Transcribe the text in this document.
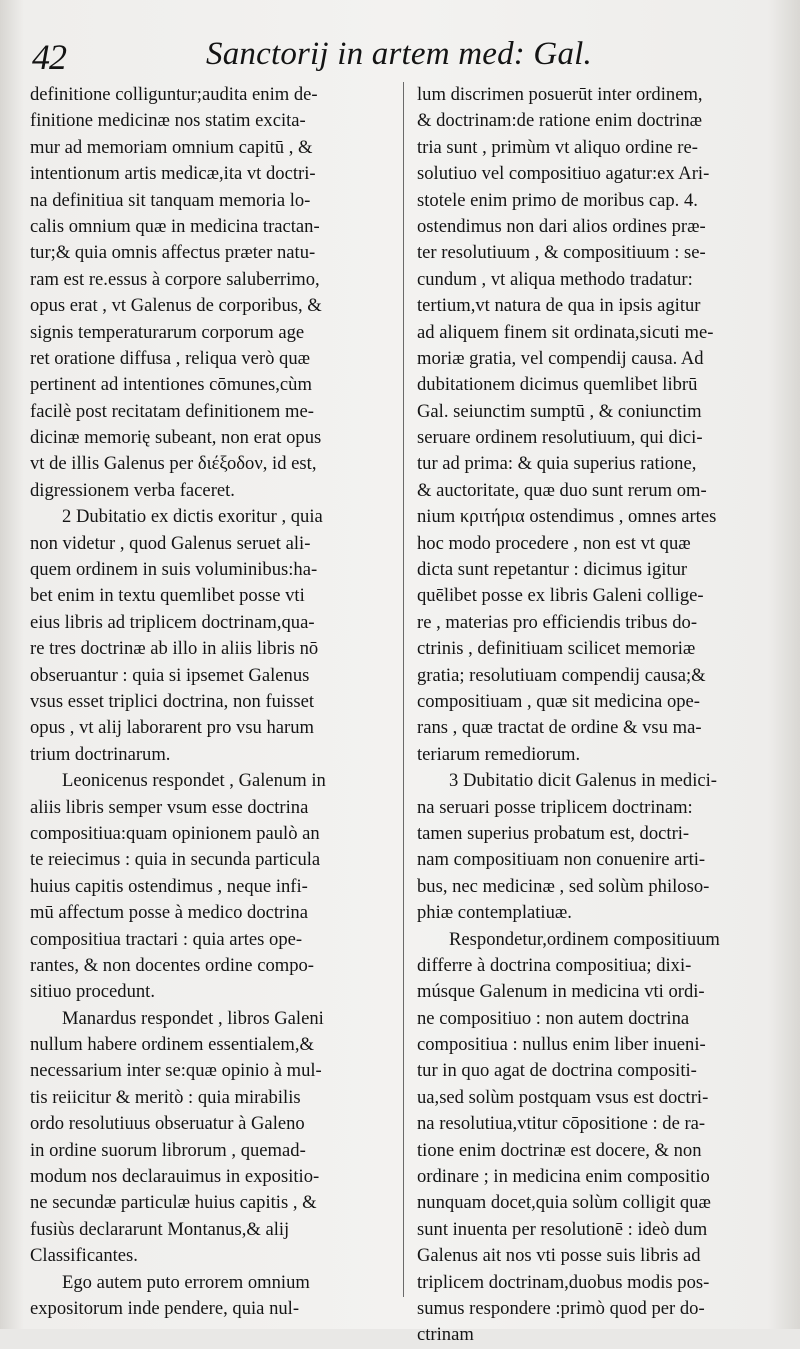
42	Sanctorij in artem med: Gal.
definitione colliguntur;audita enim de-
finitione medicinæ nos statim excita-
mur ad memoriam omnium capitū , &
intentionum artis medicæ,ita vt doctri-
na definitiua sit tanquam memoria lo-
calis omnium quæ in medicina tractan-
tur;& quia omnis affectus præter natu-
ram est re.essus à corpore saluberrimo,
opus erat , vt Galenus de corporibus, &
signis temperaturarum corporum age
ret oratione diffusa , reliqua verò quæ
pertinent ad intentiones cōmunes,cùm
facilè post recitatam definitionem me-
dicinæ memorię subeant, non erat opus
vt de illis Galenus per διέξοδον, id est,
digressionem verba faceret.
2 Dubitatio ex dictis exoritur , quia
non videtur , quod Galenus seruet ali-
quem ordinem in suis voluminibus:ha-
bet enim in textu quemlibet posse vti
eius libris ad triplicem doctrinam,qua-
re tres doctrinæ ab illo in aliis libris nō
obseruantur : quia si ipsemet Galenus
vsus esset triplici doctrina, non fuisset
opus , vt alij laborarent pro vsu harum
trium doctrinarum.
Leonicenus respondet , Galenum in
aliis libris semper vsum esse doctrina
compositiua:quam opinionem paulò an
te reiecimus : quia in secunda particula
huius capitis ostendimus , neque infi-
mū affectum posse à medico doctrina
compositiua tractari : quia artes ope-
rantes, & non docentes ordine compo-
sitiuo procedunt.
Manardus respondet , libros Galeni
nullum habere ordinem essentialem,&
necessarium inter se:quæ opinio à mul-
tis reiicitur & meritò : quia mirabilis
ordo resolutiuus obseruatur à Galeno
in ordine suorum librorum , quemad-
modum nos declarauimus in expositio-
ne secundæ particulæ huius capitis , &
fusiùs declararunt Montanus,& alij
Classificantes.
Ego autem puto errorem omnium
expositorum inde pendere, quia nul-
lum discrimen posuerūt inter ordinem,
& doctrinam:de ratione enim doctrinæ
tria sunt , primùm vt aliquo ordine re-
solutiuo vel compositiuo agatur:ex Ari-
stotele enim primo de moribus cap. 4.
ostendimus non dari alios ordines præ-
ter resolutiuum , & compositiuum : se-
cundum , vt aliqua methodo tradatur:
tertium,vt natura de qua in ipsis agitur
ad aliquem finem sit ordinata,sicuti me-
moriæ gratia, vel compendij causa. Ad
dubitationem dicimus quemlibet librū
Gal. seiunctim sumptū , & coniunctim
seruare ordinem resolutiuum, qui dici-
tur ad prima: & quia superius ratione,
& auctoritate, quæ duo sunt rerum om-
nium κριτήρια ostendimus , omnes artes
hoc modo procedere , non est vt quæ
dicta sunt repetantur : dicimus igitur
quēlibet posse ex libris Galeni collige-
re , materias pro efficiendis tribus do-
ctrinis , definitiuam scilicet memoriæ
gratia; resolutiuam compendij causa;&
compositiuam , quæ sit medicina ope-
rans , quæ tractat de ordine & vsu ma-
teriarum remediorum.
3 Dubitatio dicit Galenus in medici-
na seruari posse triplicem doctrinam:
tamen superius probatum est, doctri-
nam compositiuam non conuenire arti-
bus, nec medicinæ , sed solùm philoso-
phiæ contemplatiuæ.
Respondetur,ordinem compositiuum
differre à doctrina compositiua; dixi-
músque Galenum in medicina vti ordi-
ne compositiuo : non autem doctrina
compositiua : nullus enim liber inueni-
tur in quo agat de doctrina compositi-
ua,sed solùm postquam vsus est doctri-
na resolutiua,vtitur cōpositione : de ra-
tione enim doctrinæ est docere, & non
ordinare ; in medicina enim compositio
nunquam docet,quia solùm colligit quæ
sunt inuenta per resolutionē : ideò dum
Galenus ait nos vti posse suis libris ad
triplicem doctrinam,duobus modis pos-
sumus respondere :primò quod per do-
ctrinam
